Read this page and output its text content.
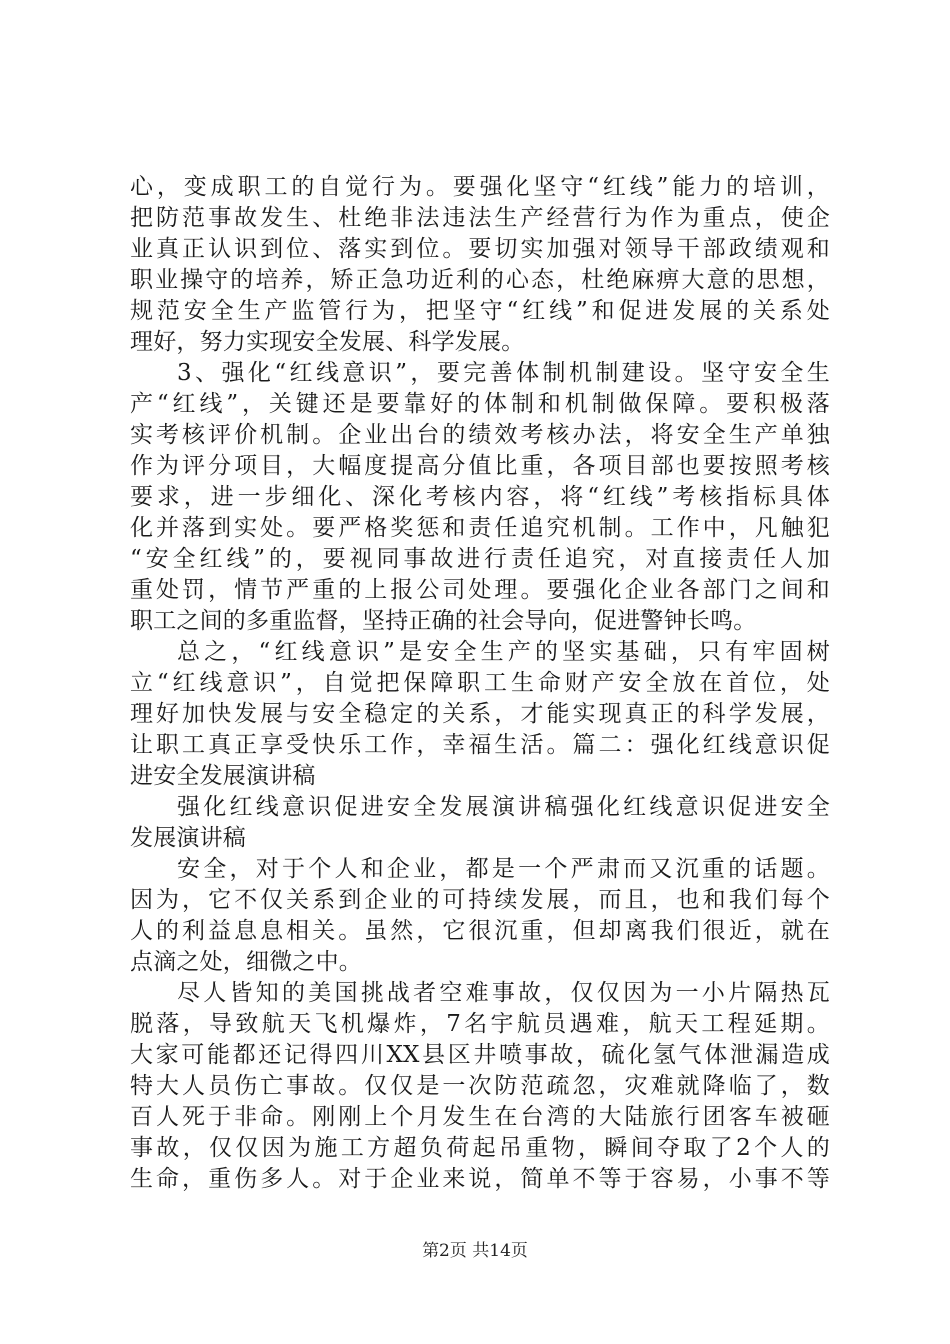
心，变成职工的自觉行为。要强化坚守“红线”能力的培训，
把防范事故发生、杜绝非法违法生产经营行为作为重点，使企
业真正认识到位、落实到位。要切实加强对领导干部政绩观和
职业操守的培养，矫正急功近利的心态，杜绝麻痹大意的思想，
规范安全生产监管行为，把坚守“红线”和促进发展的关系处
理好，努力实现安全发展、科学发展。
3、强化“红线意识”，要完善体制机制建设。坚守安全生
产“红线”，关键还是要靠好的体制和机制做保障。要积极落
实考核评价机制。企业出台的绩效考核办法，将安全生产单独
作为评分项目，大幅度提高分值比重，各项目部也要按照考核
要求，进一步细化、深化考核内容，将“红线”考核指标具体
化并落到实处。要严格奖惩和责任追究机制。工作中，凡触犯
“安全红线”的，要视同事故进行责任追究，对直接责任人加
重处罚，情节严重的上报公司处理。要强化企业各部门之间和
职工之间的多重监督，坚持正确的社会导向，促进警钟长鸣。
总之，“红线意识”是安全生产的坚实基础，只有牢固树
立“红线意识”，自觉把保障职工生命财产安全放在首位，处
理好加快发展与安全稳定的关系，才能实现真正的科学发展，
让职工真正享受快乐工作，幸福生活。篇二：强化红线意识促
进安全发展演讲稿
强化红线意识促进安全发展演讲稿强化红线意识促进安全
发展演讲稿
安全，对于个人和企业，都是一个严肃而又沉重的话题。
因为，它不仅关系到企业的可持续发展，而且，也和我们每个
人的利益息息相关。虽然，它很沉重，但却离我们很近，就在
点滴之处，细微之中。
尽人皆知的美国挑战者空难事故，仅仅因为一小片隔热瓦
脱落，导致航天飞机爆炸，7名宇航员遇难，航天工程延期。
大家可能都还记得四川XX县区井喷事故，硫化氢气体泄漏造成
特大人员伤亡事故。仅仅是一次防范疏忽，灾难就降临了，数
百人死于非命。刚刚上个月发生在台湾的大陆旅行团客车被砸
事故，仅仅因为施工方超负荷起吊重物，瞬间夺取了2个人的
生命，重伤多人。对于企业来说，简单不等于容易，小事不等
第2页 共14页
